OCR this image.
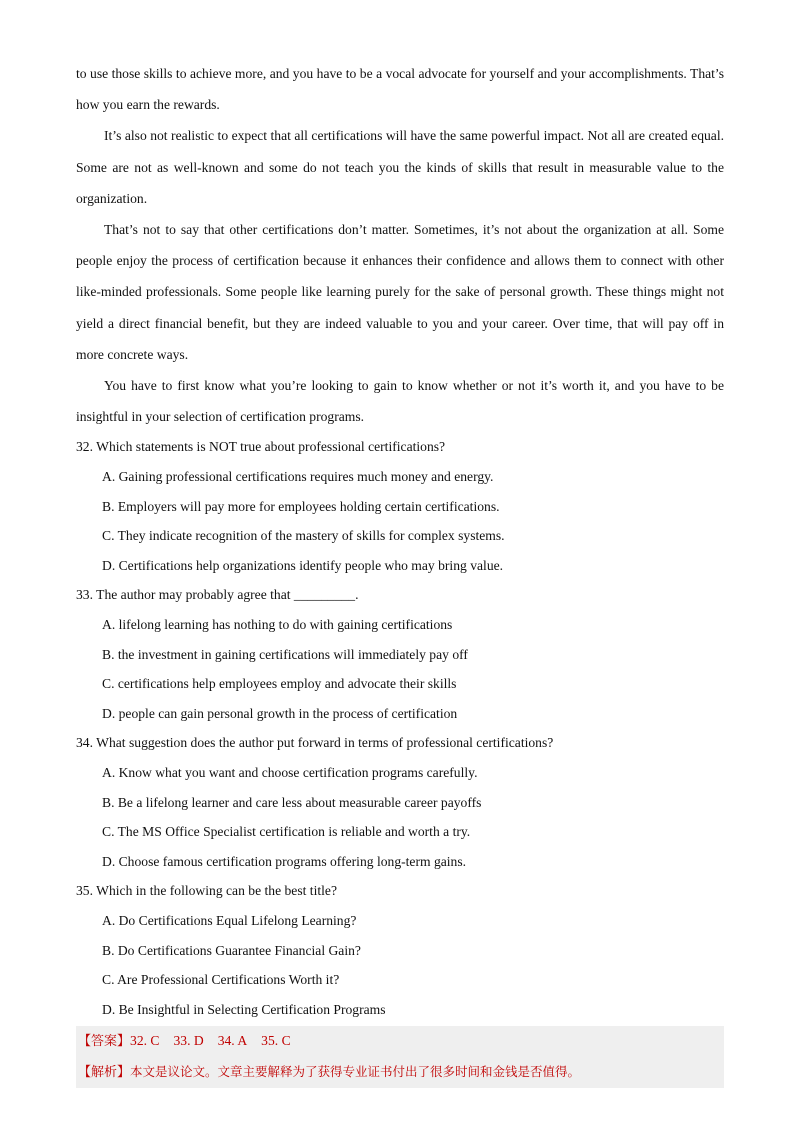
to use those skills to achieve more, and you have to be a vocal advocate for yourself and your accomplishments. That’s how you earn the rewards.

It’s also not realistic to expect that all certifications will have the same powerful impact. Not all are created equal. Some are not as well-known and some do not teach you the kinds of skills that result in measurable value to the organization.

That’s not to say that other certifications don’t matter. Sometimes, it’s not about the organization at all. Some people enjoy the process of certification because it enhances their confidence and allows them to connect with other like-minded professionals. Some people like learning purely for the sake of personal growth. These things might not yield a direct financial benefit, but they are indeed valuable to you and your career. Over time, that will pay off in more concrete ways.

You have to first know what you’re looking to gain to know whether or not it’s worth it, and you have to be insightful in your selection of certification programs.

32. Which statements is NOT true about professional certifications?

A. Gaining professional certifications requires much money and energy.

B. Employers will pay more for employees holding certain certifications.

C. They indicate recognition of the mastery of skills for complex systems.

D. Certifications help organizations identify people who may bring value.

33. The author may probably agree that _________.

A. lifelong learning has nothing to do with gaining certifications

B. the investment in gaining certifications will immediately pay off

C. certifications help employees employ and advocate their skills

D. people can gain personal growth in the process of certification

34. What suggestion does the author put forward in terms of professional certifications?

A. Know what you want and choose certification programs carefully.

B. Be a lifelong learner and care less about measurable career payoffs

C. The MS Office Specialist certification is reliable and worth a try.

D. Choose famous certification programs offering long-term gains.

35. Which in the following can be the best title?

A. Do Certifications Equal Lifelong Learning?

B. Do Certifications Guarantee Financial Gain?

C. Are Professional Certifications Worth it?

D. Be Insightful in Selecting Certification Programs

【答案】32. C 33. D 34. A 35. C

【解析】本文是议论文。文章主要解释为了获得专业证书付出了很多时间和金钱是否值得。
